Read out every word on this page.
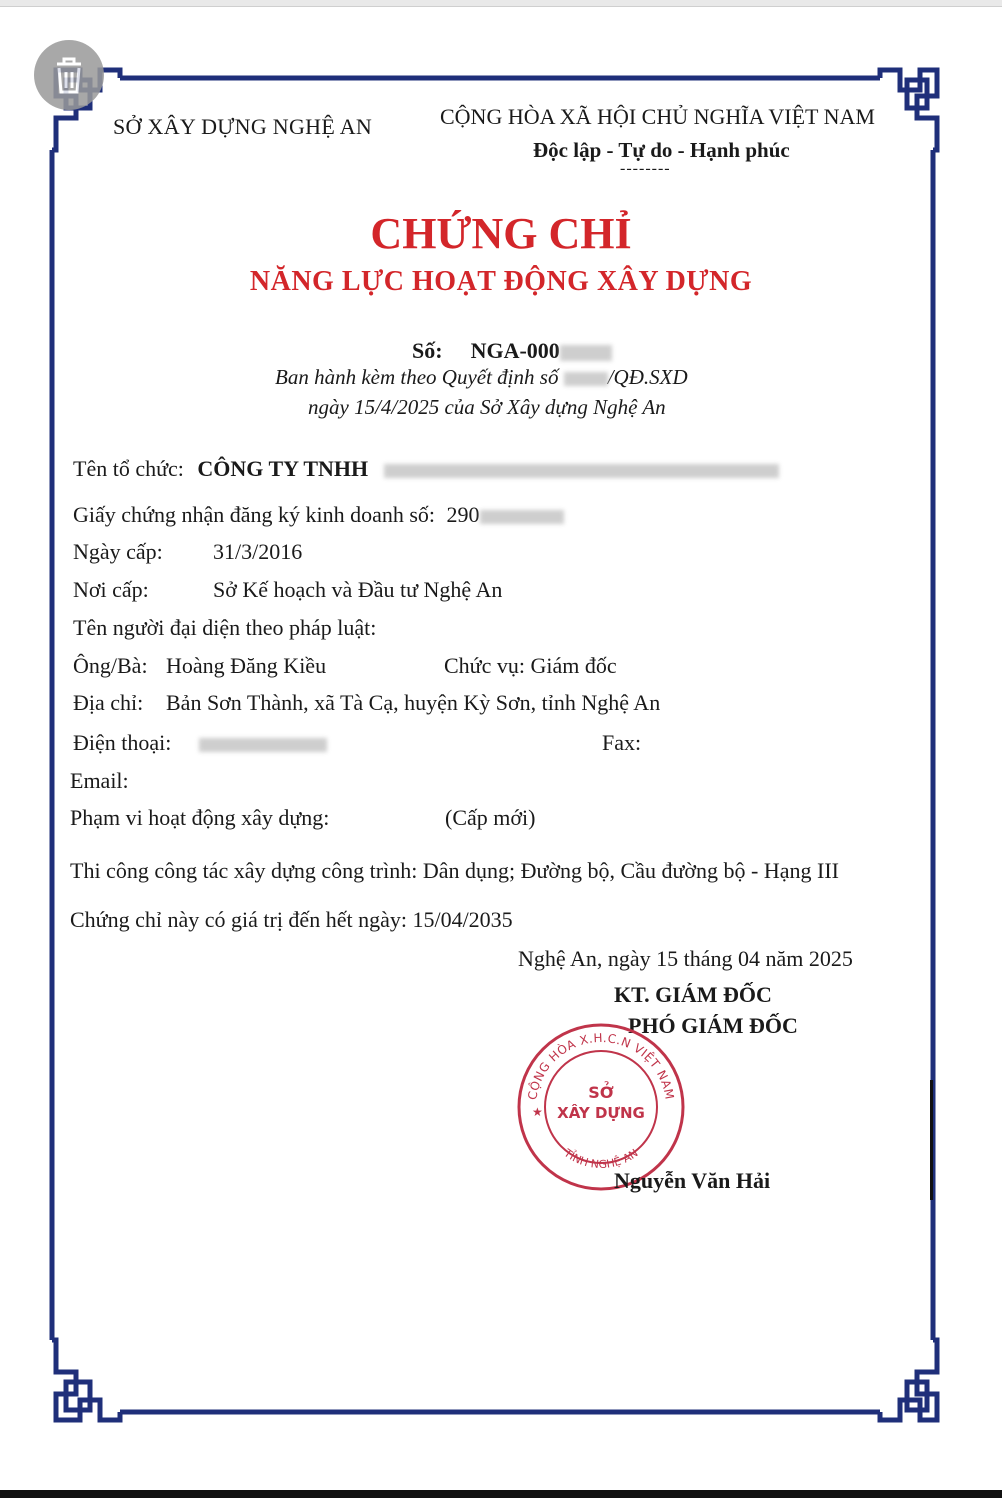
SỞ XÂY DỰNG NGHỆ AN	CỘNG HÒA XÃ HỘI CHỦ NGHĨA VIỆT NAM
Độc lập - Tự do - Hạnh phúc
--------
CHỨNG CHỈ
NĂNG LỰC HOẠT ĐỘNG XÂY DỰNG
Số: NGA-000
Ban hành kèm theo Quyết định số /QĐ.SXD
ngày 15/4/2025 của Sở Xây dựng Nghệ An
Tên tổ chức: CÔNG TY TNHH
Giấy chứng nhận đăng ký kinh doanh số: 290
Ngày cấp: 31/3/2016
Nơi cấp:	Sở Kế hoạch và Đầu tư Nghệ An
Tên người đại diện theo pháp luật:
Ông/Bà: Hoàng Đăng Kiều	Chức vụ: Giám đốc
Địa chỉ: Bản Sơn Thành, xã Tà Cạ, huyện Kỳ Sơn, tỉnh Nghệ An
Điện thoại:	Fax:
Email:
Phạm vi hoạt động xây dựng:	(Cấp mới)
Thi công công tác xây dựng công trình: Dân dụng; Đường bộ, Cầu đường bộ - Hạng III
Chứng chỉ này có giá trị đến hết ngày: 15/04/2035
Nghệ An, ngày 15 tháng 04 năm 2025
KT. GIÁM ĐỐC
PHÓ GIÁM ĐỐC
CỘNG HÒA X.H.C.N VIỆT NAM
TỈNH NGHỆ AN
SỞ
XÂY DỰNG
★
Nguyễn Văn Hải
